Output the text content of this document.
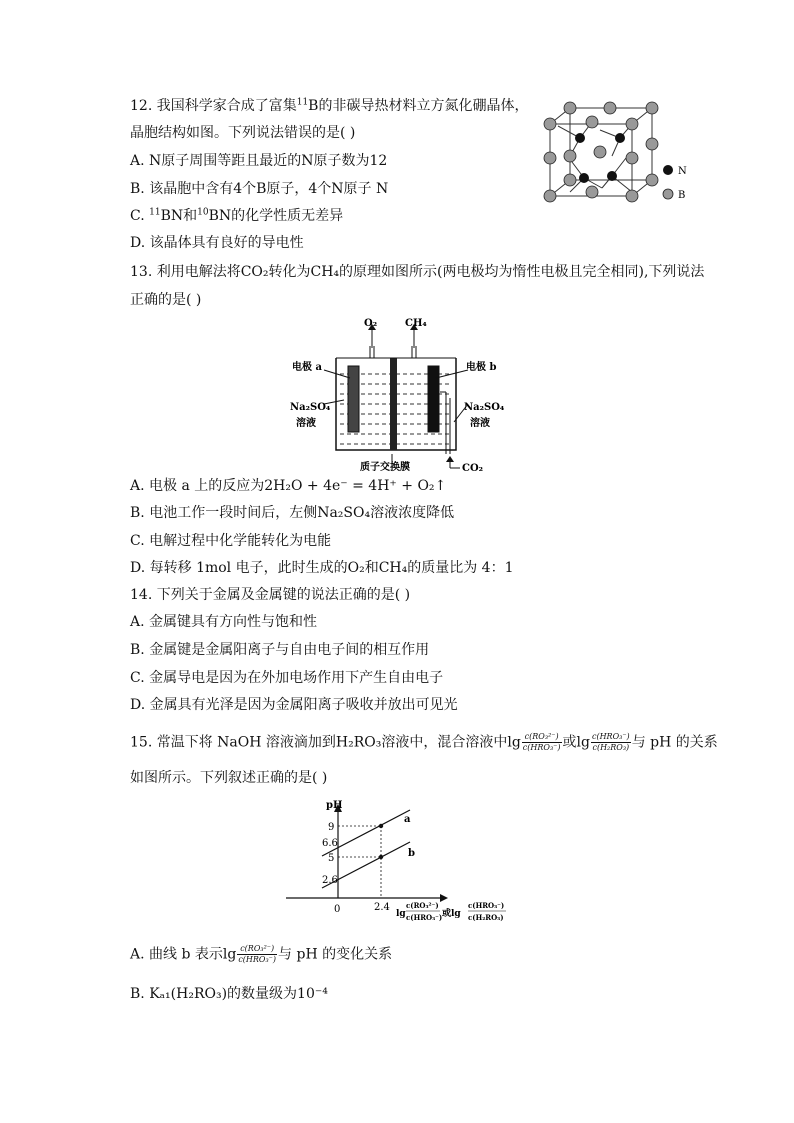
12. 我国科学家合成了富集$^{11}$B的非碳导热材料立方氮化硼晶体，
晶胞结构如图。下列说法错误的是( )
A. N原子周围等距且最近的N原子数为12
B. 该晶胞中含有4个B原子，4个N原子 N
C. $^{11}$BN和$^{10}$BN的化学性质无差异
D. 该晶体具有良好的导电性
N
B
13. 利用电解法将CO₂转化为CH₄的原理如图所示(两电极均为惰性电极且完全相同),下列说法
正确的是( )
O₂	CH₄
电极 a	电极 b
Na₂SO₄
溶液
Na₂SO₄
溶液
质子交换膜	CO₂
A. 电极 a 上的反应为2H₂O + 4e⁻ = 4H⁺ + O₂↑
B. 电池工作一段时间后，左侧Na₂SO₄溶液浓度降低
C. 电解过程中化学能转化为电能
D. 每转移 1mol 电子，此时生成的O₂和CH₄的质量比为 4：1
14. 下列关于金属及金属键的说法正确的是( )
A. 金属键具有方向性与饱和性
B. 金属键是金属阳离子与自由电子间的相互作用
C. 金属导电是因为在外加电场作用下产生自由电子
D. 金属具有光泽是因为金属阳离子吸收并放出可见光
15. 常温下将 NaOH 溶液滴加到H₂RO₃溶液中，混合溶液中$\lg \frac{\text{c(RO₃²⁻)}}{\text{c(HRO₃⁻)}}$ 或$\lg \frac{\text{c(HRO₃⁻)}}{\text{c(H₂RO₃)}}$ 与 pH 的关系
如图所示。下列叙述正确的是( )
pH
9
6.6
5
2.6
0	2.4
a
b
lg
c(RO₃²⁻)
c(HRO₃⁻) 或lg
c(HRO₃⁻)
c(H₂RO₃)
A. 曲线 b 表示$\lg \frac{\text{c(RO₃²⁻)}}{\text{c(HRO₃⁻)}}$ 与 pH 的变化关系
B. Kₐ₁(H₂RO₃)的数量级为10⁻⁴
